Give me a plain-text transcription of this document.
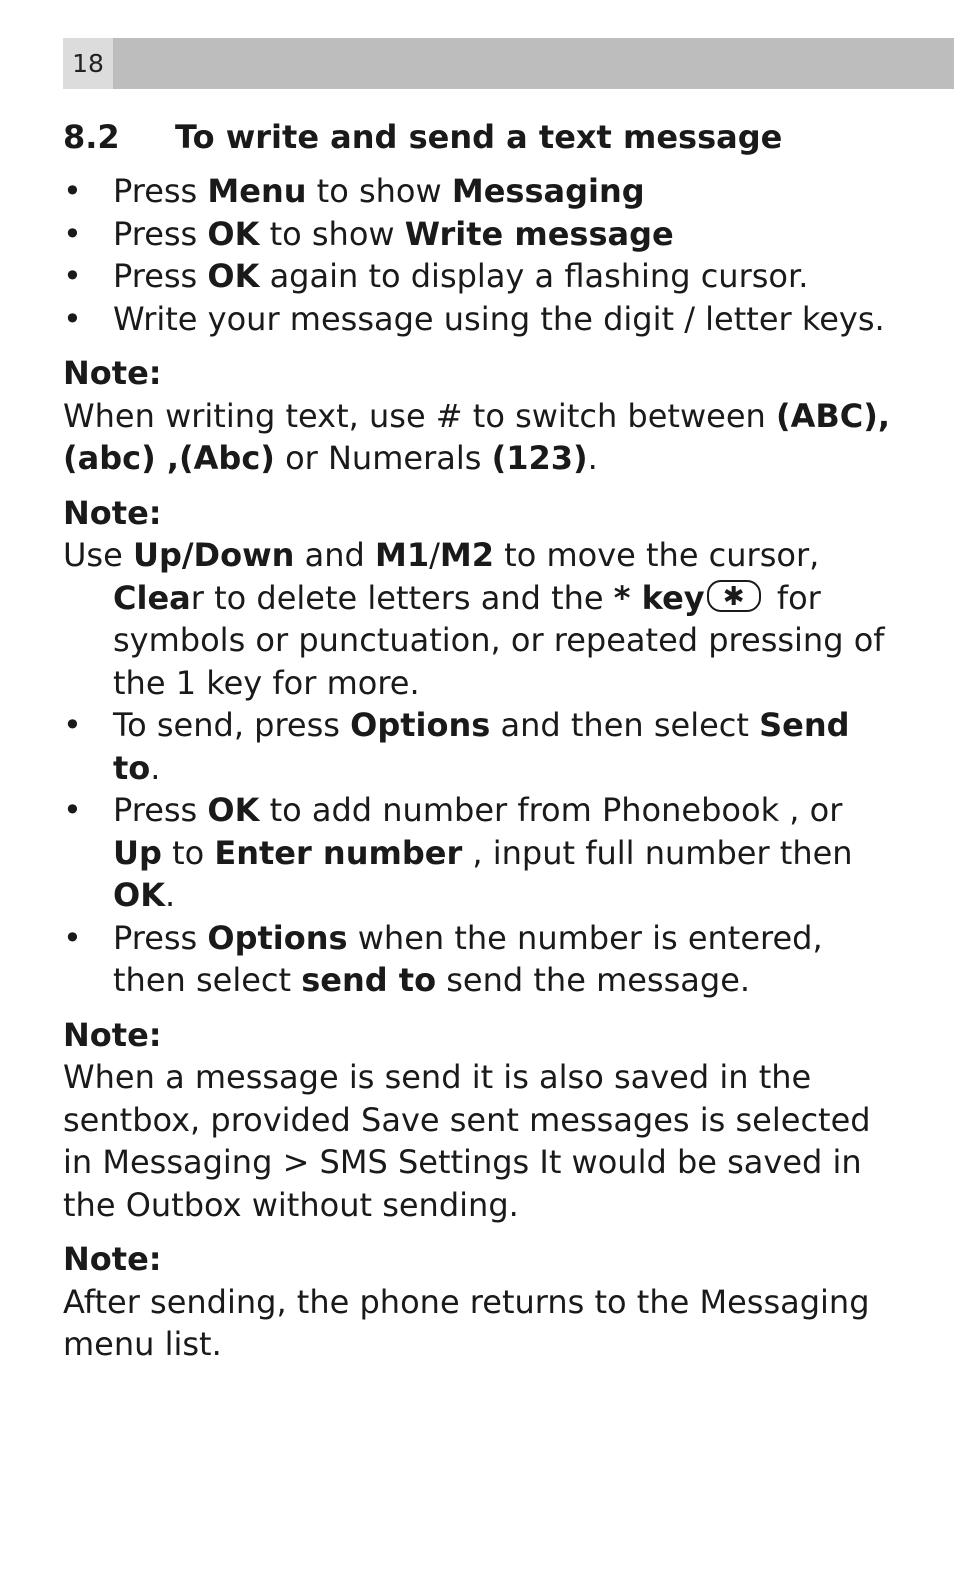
18
8.2	To write and send a text message
• Press Menu to show Messaging
• Press OK to show Write message
• Press OK again to display a flashing cursor.
• Write your message using the digit / letter keys.
Note:

When writing text, use # to switch between (ABC), (abc) ,(Abc) or Numerals (123).

Note:

Use Up/Down and M1/M2 to move the cursor,

Clear to delete letters and the * key ✱ for symbols or punctuation, or repeated pressing of the 1 key for more.

• To send, press Options and then select Send to.
• Press OK to add number from Phonebook , or Up to Enter number , input full number then OK.
• Press Options when the number is entered, then select send to send the message.
Note:

When a message is send it is also saved in the sentbox, provided Save sent messages is selected in Messaging > SMS Settings It would be saved in the Outbox without sending.

Note:

After sending, the phone returns to the Messaging menu list.
